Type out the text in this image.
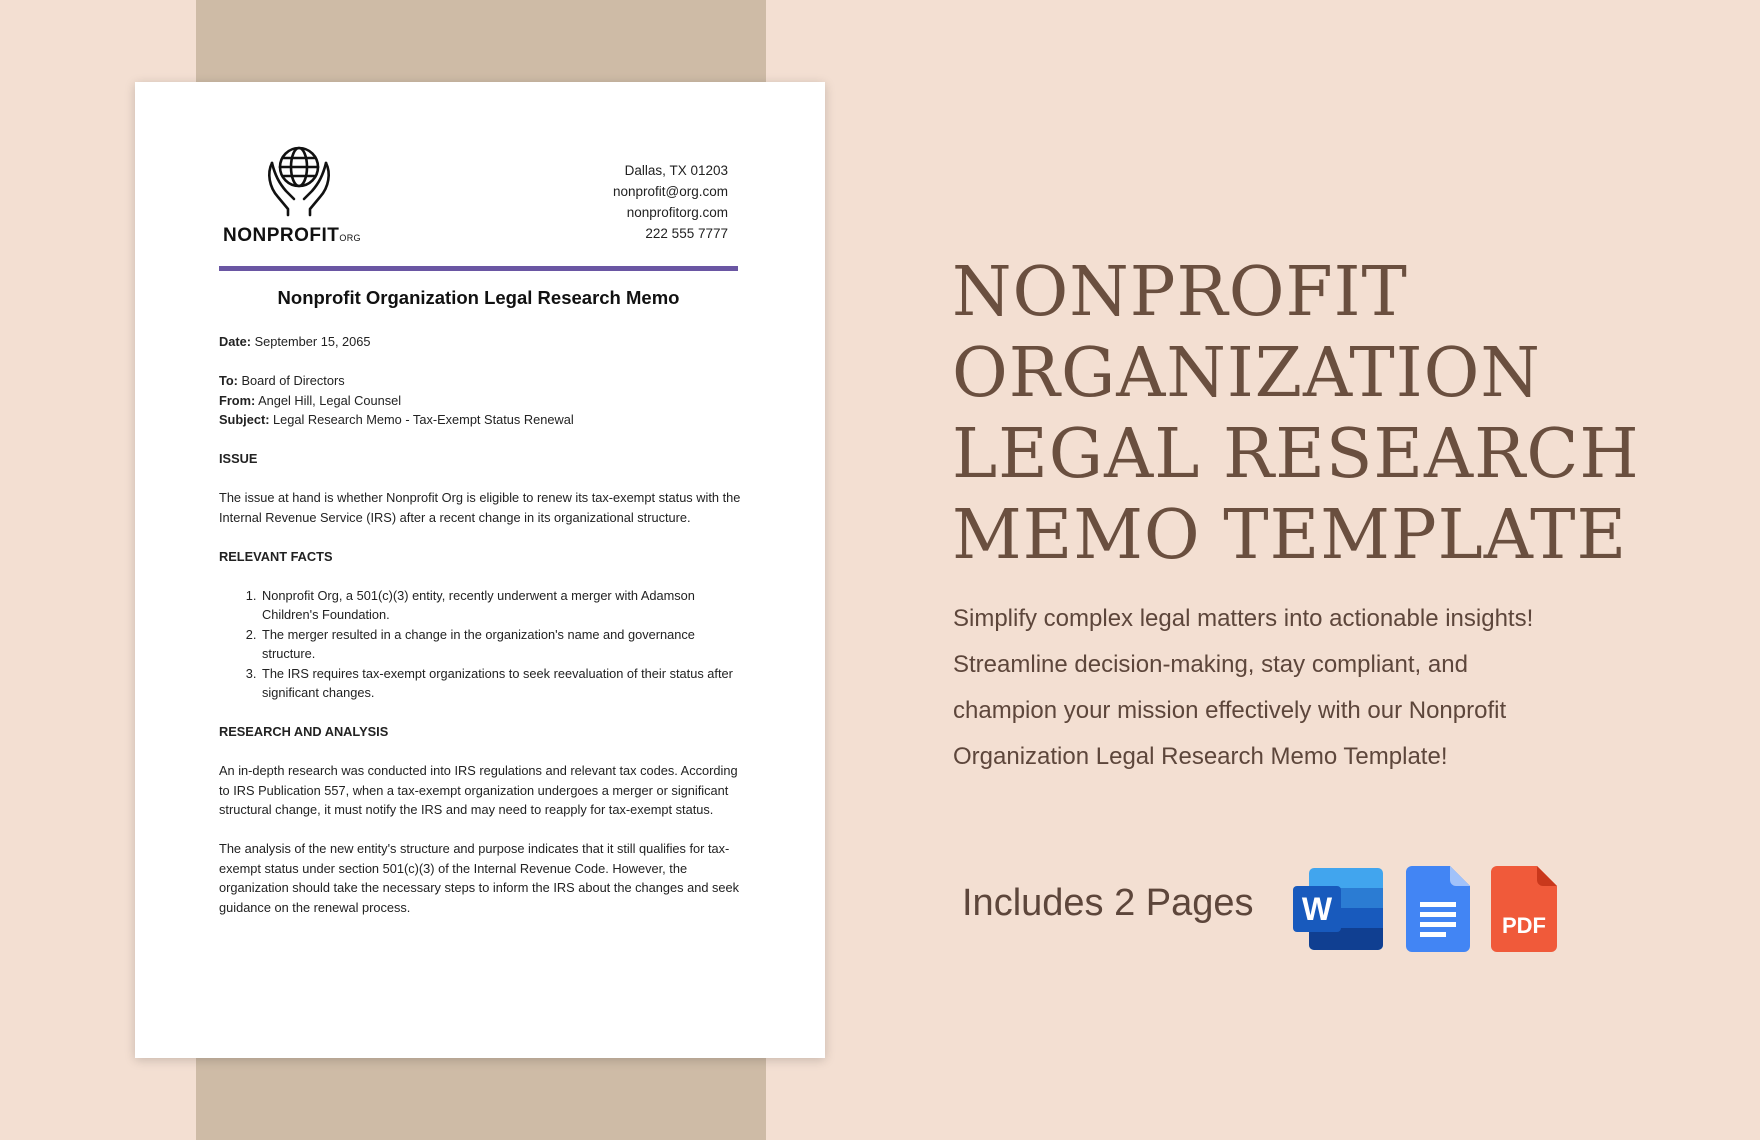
NONPROFITORG
Dallas, TX 01203
nonprofit@org.com
nonprofitorg.com
222 555 7777
Nonprofit Organization Legal Research Memo

Date: September 15, 2065

To: Board of Directors

From: Angel Hill, Legal Counsel

Subject: Legal Research Memo - Tax-Exempt Status Renewal

ISSUE

The issue at hand is whether Nonprofit Org is eligible to renew its tax-exempt status with the Internal Revenue Service (IRS) after a recent change in its organizational structure.

RELEVANT FACTS

1. Nonprofit Org, a 501(c)(3) entity, recently underwent a merger with Adamson Children's Foundation.
2. The merger resulted in a change in the organization's name and governance structure.
3. The IRS requires tax-exempt organizations to seek reevaluation of their status after significant changes.

RESEARCH AND ANALYSIS

An in-depth research was conducted into IRS regulations and relevant tax codes. According to IRS Publication 557, when a tax-exempt organization undergoes a merger or significant structural change, it must notify the IRS and may need to reapply for tax-exempt status.

The analysis of the new entity's structure and purpose indicates that it still qualifies for tax-exempt status under section 501(c)(3) of the Internal Revenue Code. However, the organization should take the necessary steps to inform the IRS about the changes and seek guidance on the renewal process.

NONPROFIT
ORGANIZATION
LEGAL RESEARCH
MEMO TEMPLATE
Simplify complex legal matters into actionable insights! Streamline decision-making, stay compliant, and champion your mission effectively with our Nonprofit Organization Legal Research Memo Template!
Includes 2 Pages W	PDF
